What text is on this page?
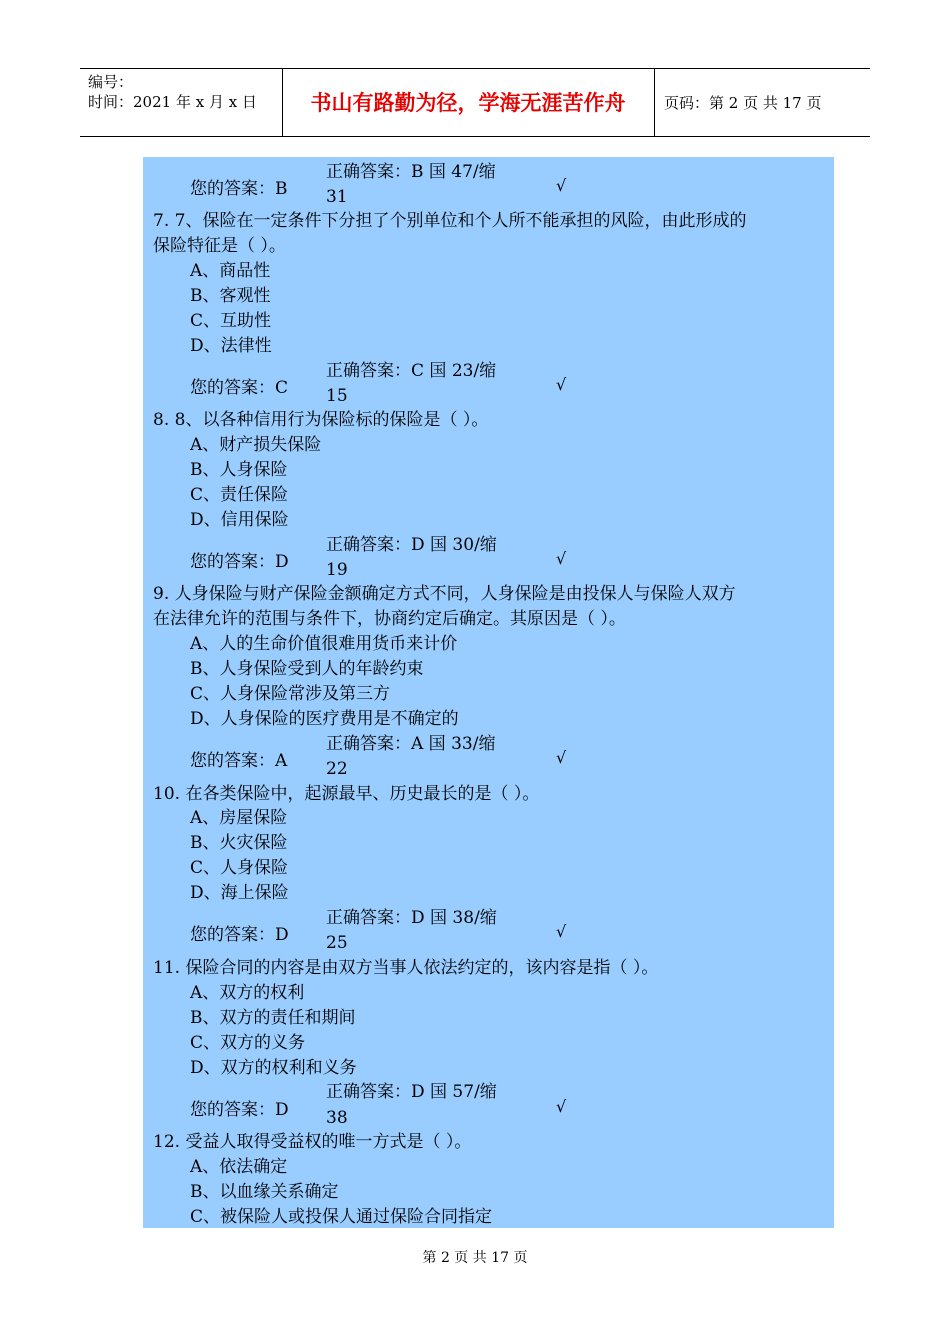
编号：
时间：2021 年 x 月 x 日	书山有路勤为径，学海无涯苦作舟	页码：第 2 页 共 17 页
正确答案：B 国 47/缩
您的答案：B	√
31
7. 7、保险在一定条件下分担了个别单位和个人所不能承担的风险，由此形成的
保险特征是（ ）。
A、商品性
B、客观性
C、互助性
D、法律性
正确答案：C 国 23/缩
您的答案：C	√
15
8. 8、以各种信用行为保险标的保险是（ ）。
A、财产损失保险
B、人身保险
C、责任保险
D、信用保险
正确答案：D 国 30/缩
您的答案：D	√
19
9. 人身保险与财产保险金额确定方式不同，人身保险是由投保人与保险人双方
在法律允许的范围与条件下，协商约定后确定。其原因是（ ）。
A、人的生命价值很难用货币来计价
B、人身保险受到人的年龄约束
C、人身保险常涉及第三方
D、人身保险的医疗费用是不确定的
正确答案：A 国 33/缩
您的答案：A	√
22
10. 在各类保险中，起源最早、历史最长的是（ ）。
A、房屋保险
B、火灾保险
C、人身保险
D、海上保险
正确答案：D 国 38/缩
您的答案：D	√
25
11. 保险合同的内容是由双方当事人依法约定的，该内容是指（ ）。
A、双方的权利
B、双方的责任和期间
C、双方的义务
D、双方的权利和义务
正确答案：D 国 57/缩
您的答案：D	√
38
12. 受益人取得受益权的唯一方式是（ ）。
A、依法确定
B、以血缘关系确定
C、被保险人或投保人通过保险合同指定
第 2 页 共 17 页
